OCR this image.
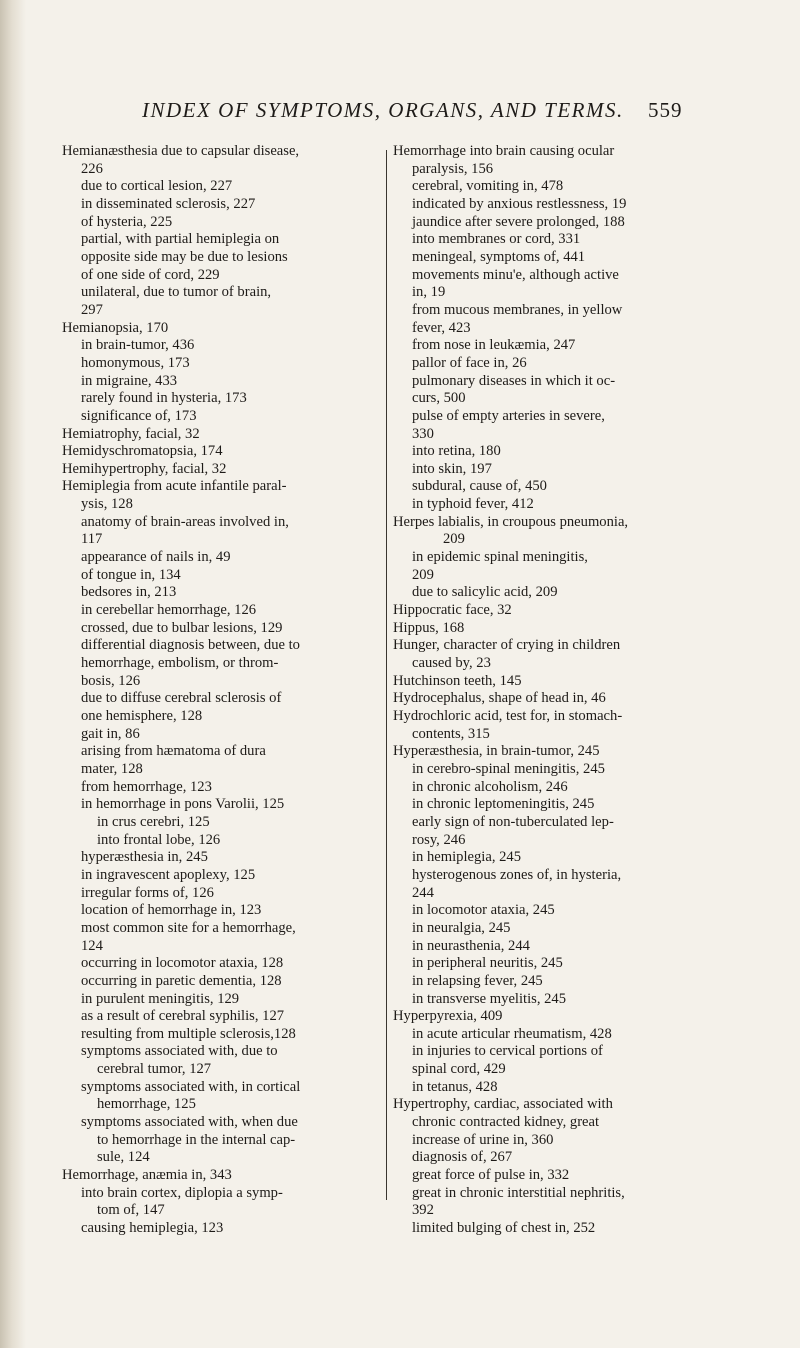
INDEX OF SYMPTOMS, ORGANS, AND TERMS. 559
Hemianæsthesia due to capsular disease,
226
due to cortical lesion, 227
in disseminated sclerosis, 227
of hysteria, 225
partial, with partial hemiplegia on
opposite side may be due to lesions
of one side of cord, 229
unilateral, due to tumor of brain,
297
Hemianopsia, 170
in brain-tumor, 436
homonymous, 173
in migraine, 433
rarely found in hysteria, 173
significance of, 173
Hemiatrophy, facial, 32
Hemidyschromatopsia, 174
Hemihypertrophy, facial, 32
Hemiplegia from acute infantile paral-
ysis, 128
anatomy of brain-areas involved in,
117
appearance of nails in, 49
of tongue in, 134
bedsores in, 213
in cerebellar hemorrhage, 126
crossed, due to bulbar lesions, 129
differential diagnosis between, due to
hemorrhage, embolism, or throm-
bosis, 126
due to diffuse cerebral sclerosis of
one hemisphere, 128
gait in, 86
arising from hæmatoma of dura
mater, 128
from hemorrhage, 123
in hemorrhage in pons Varolii, 125
in crus cerebri, 125
into frontal lobe, 126
hyperæsthesia in, 245
in ingravescent apoplexy, 125
irregular forms of, 126
location of hemorrhage in, 123
most common site for a hemorrhage,
124
occurring in locomotor ataxia, 128
occurring in paretic dementia, 128
in purulent meningitis, 129
as a result of cerebral syphilis, 127
resulting from multiple sclerosis,128
symptoms associated with, due to
cerebral tumor, 127
symptoms associated with, in cortical
hemorrhage, 125
symptoms associated with, when due
to hemorrhage in the internal cap-
sule, 124
Hemorrhage, anæmia in, 343
into brain cortex, diplopia a symp-
tom of, 147
causing hemiplegia, 123
Hemorrhage into brain causing ocular
paralysis, 156
cerebral, vomiting in, 478
indicated by anxious restlessness, 19
jaundice after severe prolonged, 188
into membranes or cord, 331
meningeal, symptoms of, 441
movements minu'e, although active
in, 19
from mucous membranes, in yellow
fever, 423
from nose in leukæmia, 247
pallor of face in, 26
pulmonary diseases in which it oc-
curs, 500
pulse of empty arteries in severe,
330
into retina, 180
into skin, 197
subdural, cause of, 450
in typhoid fever, 412
Herpes labialis, in croupous pneumonia,
209
in epidemic spinal meningitis,
209
due to salicylic acid, 209
Hippocratic face, 32
Hippus, 168
Hunger, character of crying in children
caused by, 23
Hutchinson teeth, 145
Hydrocephalus, shape of head in, 46
Hydrochloric acid, test for, in stomach-
contents, 315
Hyperæsthesia, in brain-tumor, 245
in cerebro-spinal meningitis, 245
in chronic alcoholism, 246
in chronic leptomeningitis, 245
early sign of non-tuberculated lep-
rosy, 246
in hemiplegia, 245
hysterogenous zones of, in hysteria,
244
in locomotor ataxia, 245
in neuralgia, 245
in neurasthenia, 244
in peripheral neuritis, 245
in relapsing fever, 245
in transverse myelitis, 245
Hyperpyrexia, 409
in acute articular rheumatism, 428
in injuries to cervical portions of
spinal cord, 429
in tetanus, 428
Hypertrophy, cardiac, associated with
chronic contracted kidney, great
increase of urine in, 360
diagnosis of, 267
great force of pulse in, 332
great in chronic interstitial nephritis,
392
limited bulging of chest in, 252
